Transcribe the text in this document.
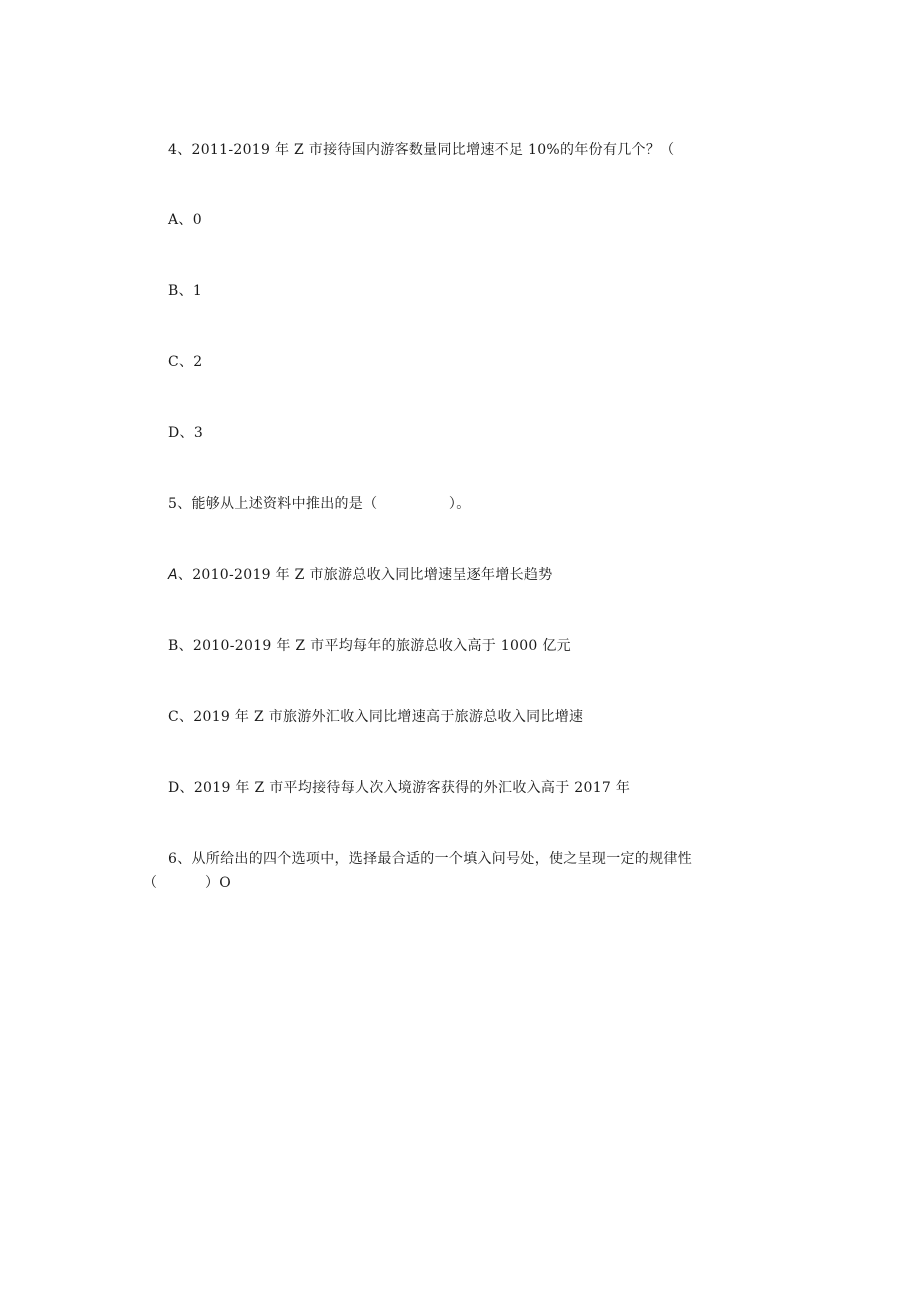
4、2011-2019 年 Z 市接待国内游客数量同比增速不足 10%的年份有几个？（
A、0
B、1
C、2
D、3
5、能够从上述资料中推出的是（　　　　　）。
A、2010-2019 年 Z 市旅游总收入同比增速呈逐年增长趋势
B、2010-2019 年 Z 市平均每年的旅游总收入高于 1000 亿元
C、2019 年 Z 市旅游外汇收入同比增速高于旅游总收入同比增速
D、2019 年 Z 市平均接待每人次入境游客获得的外汇收入高于 2017 年
6、从所给出的四个选项中，选择最合适的一个填入问号处，使之呈现一定的规律性
（　　　 ）O
